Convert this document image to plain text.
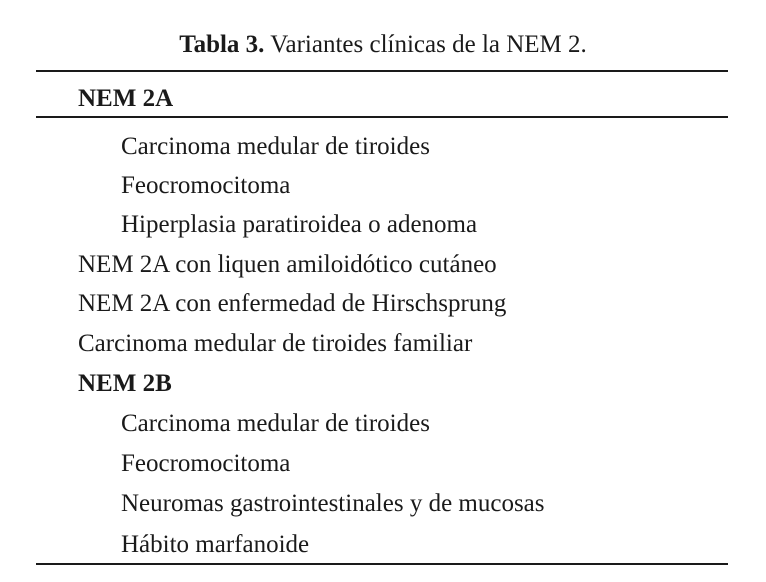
Tabla 3. Variantes clínicas de la NEM 2.
NEM 2A
Carcinoma medular de tiroides
Feocromocitoma
Hiperplasia paratiroidea o adenoma
NEM 2A con liquen amiloidótico cutáneo
NEM 2A con enfermedad de Hirschsprung
Carcinoma medular de tiroides familiar
NEM 2B
Carcinoma medular de tiroides
Feocromocitoma
Neuromas gastrointestinales y de mucosas
Hábito marfanoide
